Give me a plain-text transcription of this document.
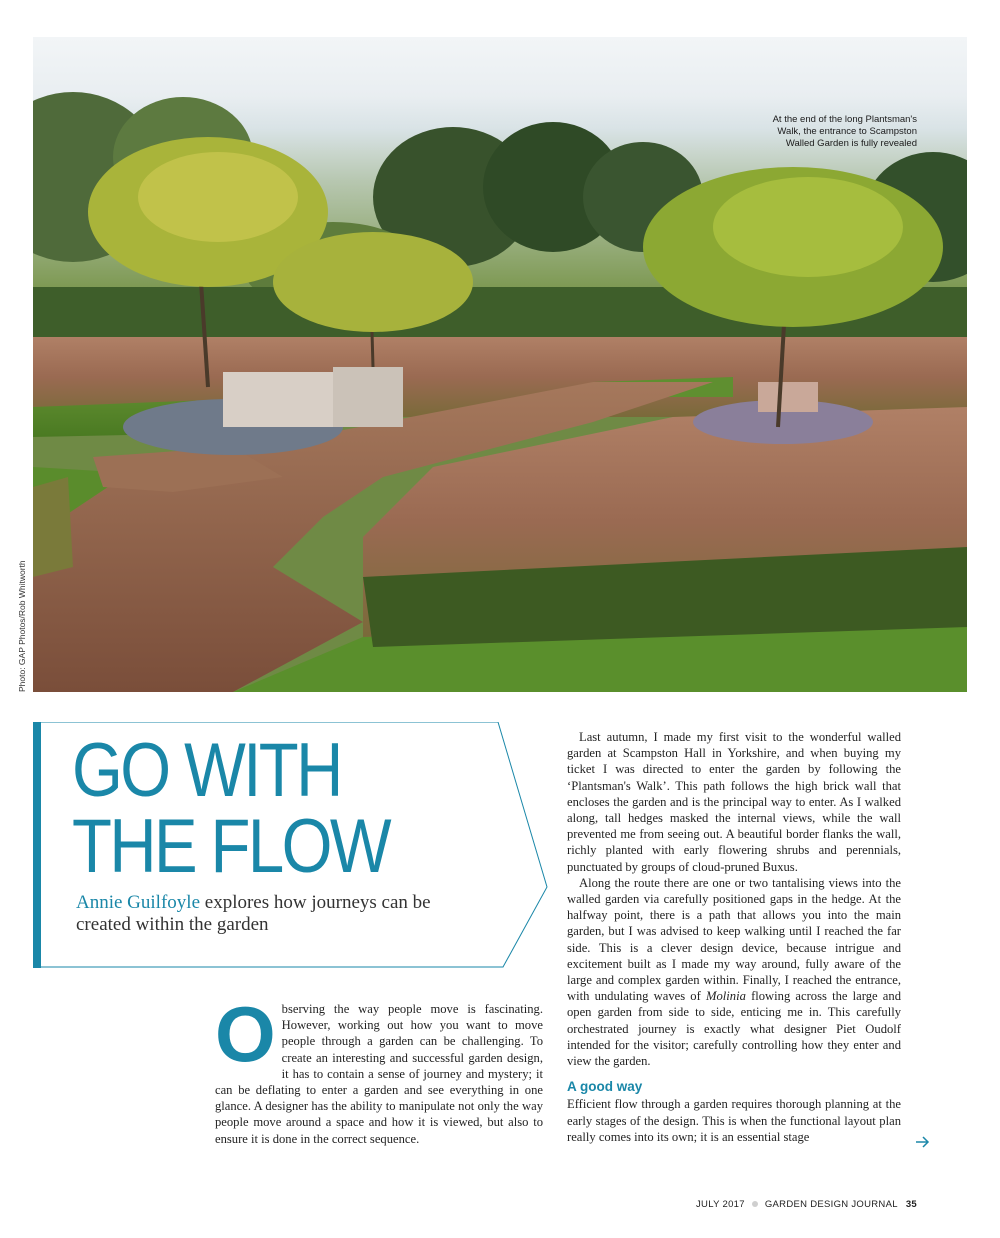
At the end of the long Plantsman's Walk, the entrance to Scampston Walled Garden is fully revealed
Photo: GAP Photos/Rob Whitworth
GO WITH
THE FLOW
Annie Guilfoyle explores how journeys can be created within the garden

Observing the way people move is fascinating. However, working out how you want to move people through a garden can be challenging. To create an interesting and successful garden design, it has to contain a sense of journey and mystery; it can be deflating to enter a garden and see everything in one glance. A designer has the ability to manipulate not only the way people move around a space and how it is viewed, but also to ensure it is done in the correct sequence.

Last autumn, I made my first visit to the wonderful walled garden at Scampston Hall in Yorkshire, and when buying my ticket I was directed to enter the garden by following the ‘Plantsman's Walk’. This path follows the high brick wall that encloses the garden and is the principal way to enter. As I walked along, tall hedges masked the internal views, while the wall prevented me from seeing out. A beautiful border flanks the wall, richly planted with early flowering shrubs and perennials, punctuated by groups of cloud-pruned Buxus.

Along the route there are one or two tantalising views into the walled garden via carefully positioned gaps in the hedge. At the halfway point, there is a path that allows you into the main garden, but I was advised to keep walking until I reached the far side. This is a clever design device, because intrigue and excitement built as I made my way around, fully aware of the large and complex garden within. Finally, I reached the entrance, with undulating waves of Molinia flowing across the large and open garden from side to side, enticing me in. This carefully orchestrated journey is exactly what designer Piet Oudolf intended for the visitor; carefully controlling how they enter and view the garden.

A good way

Efficient flow through a garden requires thorough planning at the early stages of the design. This is when the functional layout plan really comes into its own; it is an essential stage

JULY 2017 GARDEN DESIGN JOURNAL 35
